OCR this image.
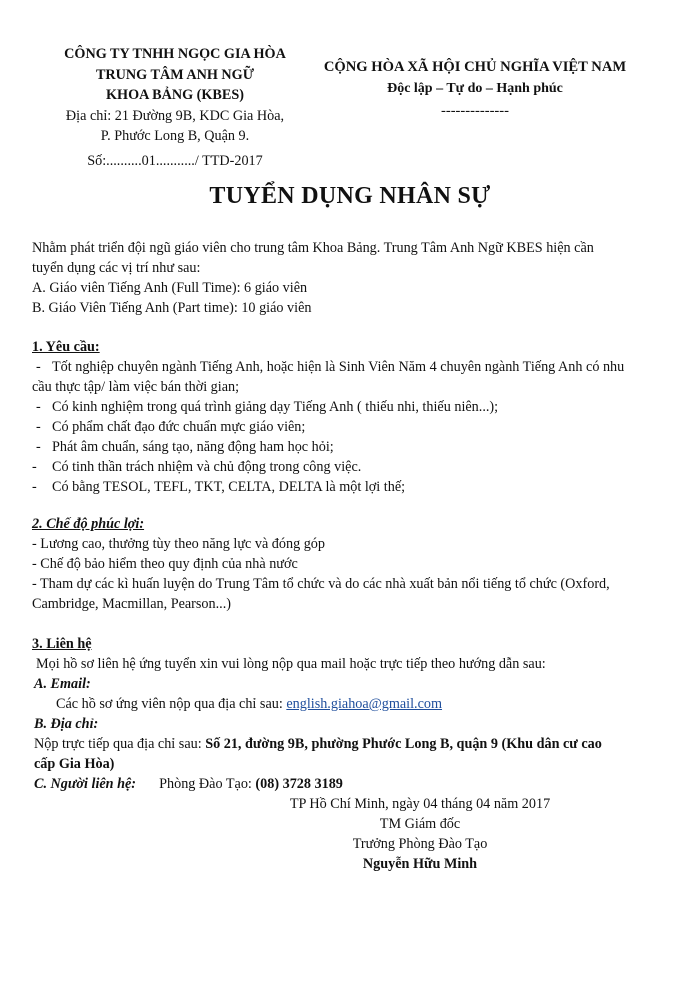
CÔNG TY TNHH NGỌC GIA HÒA
TRUNG TÂM ANH NGỮ
KHOA BẢNG (KBES)
Địa chỉ: 21 Đường 9B, KDC Gia Hòa,
P. Phước Long B, Quận 9.
Số:..........01.........../ TTD-2017
CỘNG HÒA XÃ HỘI CHỦ NGHĨA VIỆT NAM
Độc lập – Tự do – Hạnh phúc
--------------
TUYỂN DỤNG NHÂN SỰ
Nhằm phát triển đội ngũ giáo viên cho trung tâm Khoa Bảng. Trung Tâm Anh Ngữ KBES hiện cần
tuyển dụng các vị trí như sau:
A. Giáo viên Tiếng Anh (Full Time): 6 giáo viên
B. Giáo Viên Tiếng Anh (Part time): 10 giáo viên
1. Yêu cầu:
- Tốt nghiệp chuyên ngành Tiếng Anh, hoặc hiện là Sinh Viên Năm 4 chuyên ngành Tiếng Anh có nhu
cầu thực tập/ làm việc bán thời gian;
- Có kinh nghiệm trong quá trình giảng dạy Tiếng Anh ( thiếu nhi, thiếu niên...);
- Có phẩm chất đạo đức chuẩn mực giáo viên;
- Phát âm chuẩn, sáng tạo, năng động ham học hỏi;
-	Có tinh thần trách nhiệm và chủ động trong công việc.
-	Có bằng TESOL, TEFL, TKT, CELTA, DELTA là một lợi thế;
2. Chế độ phúc lợi:
- Lương cao, thưởng tùy theo năng lực và đóng góp
- Chế độ bảo hiểm theo quy định của nhà nước
- Tham dự các kì huấn luyện do Trung Tâm tổ chức và do các nhà xuất bản nổi tiếng tổ chức (Oxford,
Cambridge, Macmillan, Pearson...)
3. Liên hệ
Mọi hồ sơ liên hệ ứng tuyển xin vui lòng nộp qua mail hoặc trực tiếp theo hướng dẫn sau:
A. Email:
Các hồ sơ ứng viên nộp qua địa chỉ sau: english.giahoa@gmail.com
B. Địa chỉ:
Nộp trực tiếp qua địa chỉ sau: Số 21, đường 9B, phường Phước Long B, quận 9 (Khu dân cư cao
cấp Gia Hòa)
C. Người liên hệ: Phòng Đào Tạo: (08) 3728 3189
TP Hồ Chí Minh, ngày 04 tháng 04 năm 2017
TM Giám đốc
Trưởng Phòng Đào Tạo
Nguyễn Hữu Minh
